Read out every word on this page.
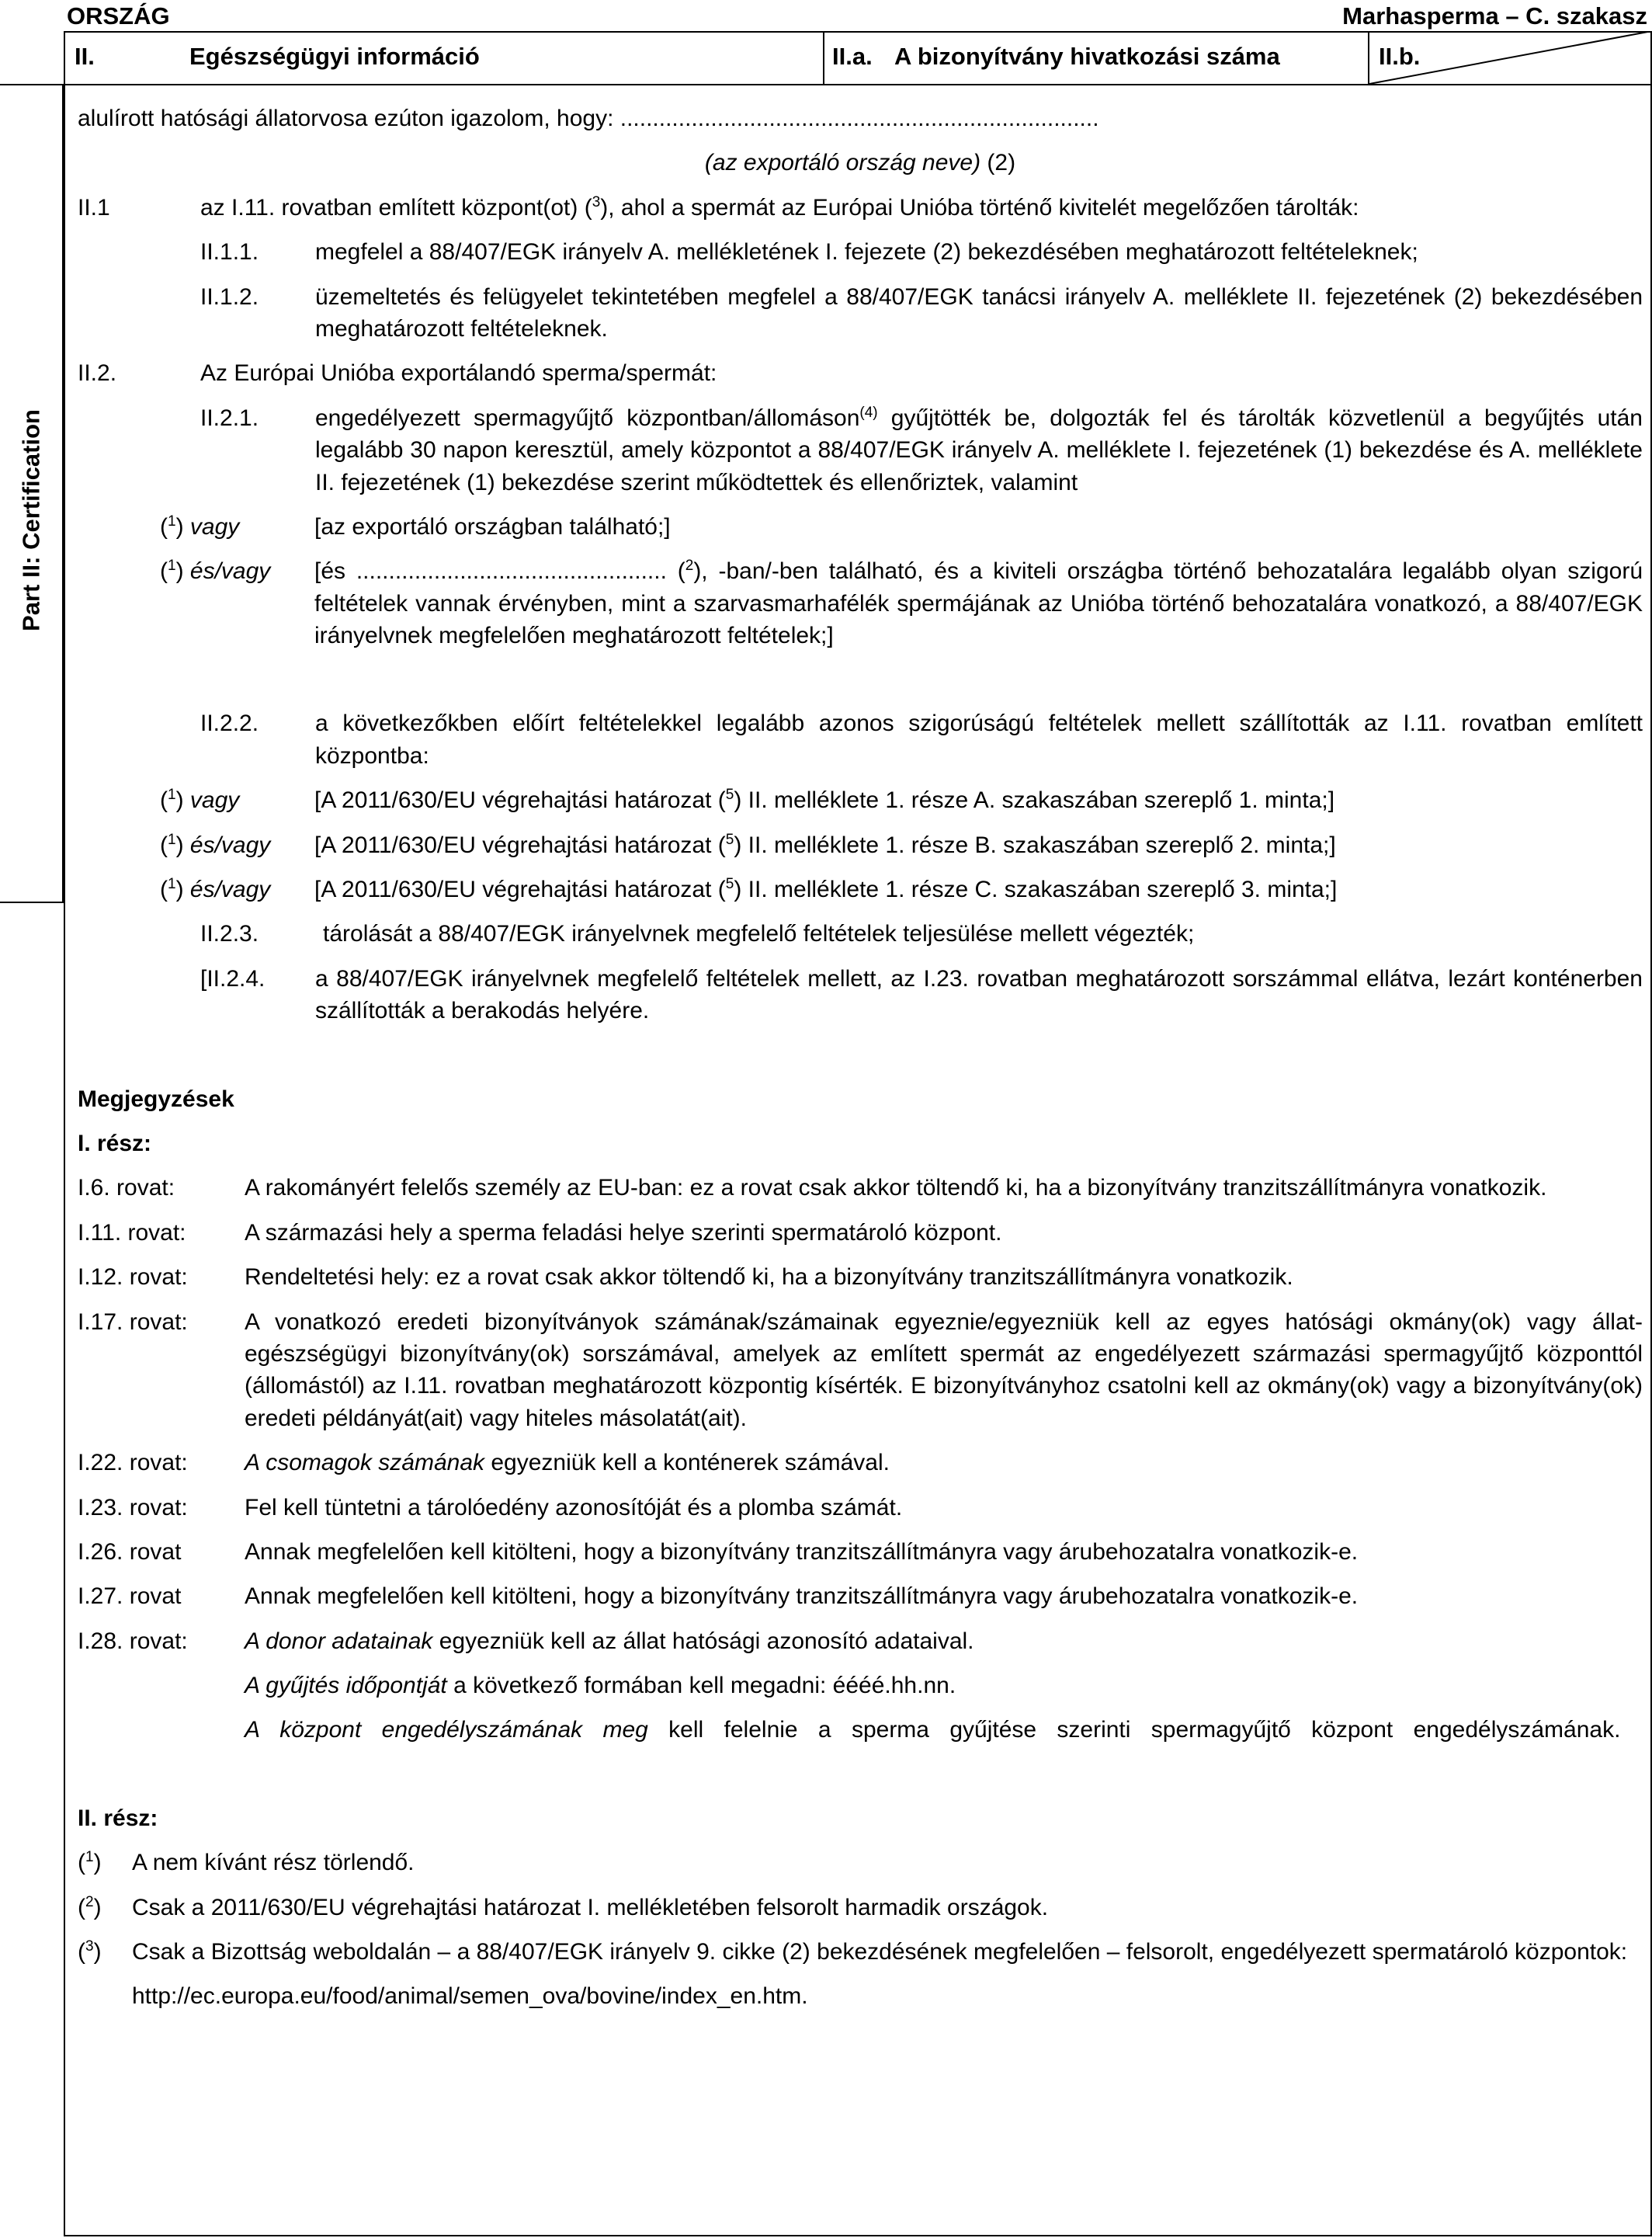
ORSZÁG	Marhasperma – C. szakasz
II.	Egészségügyi információ	II.a. A bizonyítvány hivatkozási száma	II.b.
Part II: Certification
alulírott hatósági állatorvosa ezúton igazolom, hogy: ..........................................................................
(az exportáló ország neve) (2)
II.1	az I.11. rovatban említett központ(ot) ($^3$), ahol a spermát az Európai Unióba történő kivitelét megelőzően tárolták:
II.1.1.	megfelel a 88/407/EGK irányelv A. mellékletének I. fejezete (2) bekezdésében meghatározott feltételeknek;
II.1.2.	üzemeltetés és felügyelet tekintetében megfelel a 88/407/EGK tanácsi irányelv A. melléklete II. fejezetének (2) bekezdésében meghatározott feltételeknek.
II.2.	Az Európai Unióba exportálandó sperma/spermát:
II.2.1.	engedélyezett spermagyűjtő központban/állomáson$^{(4)}$ gyűjtötték be, dolgozták fel és tárolták közvetlenül a begyűjtés után legalább 30 napon keresztül, amely központot a 88/407/EGK irányelv A. melléklete I. fejezetének (1) bekezdése és A. melléklete II. fejezetének (1) bekezdése szerint működtettek és ellenőriztek, valamint
($^1$) vagy	[az exportáló országban található;]
($^1$) és/vagy	[és ................................................ ($^2$), -ban/-ben található, és a kiviteli országba történő behozatalára legalább olyan szigorú feltételek vannak érvényben, mint a szarvasmarhafélék spermájának az Unióba történő behozatalára vonatkozó, a 88/407/EGK irányelvnek megfelelően meghatározott feltételek;]
II.2.2.	a következőkben előírt feltételekkel legalább azonos szigorúságú feltételek mellett szállították az I.11. rovatban említett központba:
($^1$) vagy	[A 2011/630/EU végrehajtási határozat ($^5$) II. melléklete 1. része A. szakaszában szereplő 1. minta;]
($^1$) és/vagy	[A 2011/630/EU végrehajtási határozat ($^5$) II. melléklete 1. része B. szakaszában szereplő 2. minta;]
($^1$) és/vagy	[A 2011/630/EU végrehajtási határozat ($^5$) II. melléklete 1. része C. szakaszában szereplő 3. minta;]
II.2.3.	tárolását a 88/407/EGK irányelvnek megfelelő feltételek teljesülése mellett végezték;
[II.2.4.	a 88/407/EGK irányelvnek megfelelő feltételek mellett, az I.23. rovatban meghatározott sorszámmal ellátva, lezárt konténerben szállították a berakodás helyére.
Megjegyzések
I. rész:
I.6. rovat:	A rakományért felelős személy az EU-ban: ez a rovat csak akkor töltendő ki, ha a bizonyítvány tranzitszállítmányra vonatkozik.
I.11. rovat:	A származási hely a sperma feladási helye szerinti spermatároló központ.
I.12. rovat:	Rendeltetési hely: ez a rovat csak akkor töltendő ki, ha a bizonyítvány tranzitszállítmányra vonatkozik.
I.17. rovat:	A vonatkozó eredeti bizonyítványok számának/számainak egyeznie/egyezniük kell az egyes hatósági okmány(ok) vagy állat-egészségügyi bizonyítvány(ok) sorszámával, amelyek az említett spermát az engedélyezett származási spermagyűjtő központtól (állomástól) az I.11. rovatban meghatározott központig kísérték. E bizonyítványhoz csatolni kell az okmány(ok) vagy a bizonyítvány(ok) eredeti példányát(ait) vagy hiteles másolatát(ait).
I.22. rovat:	A csomagok számának egyezniük kell a konténerek számával.
I.23. rovat:	Fel kell tüntetni a tárolóedény azonosítóját és a plomba számát.
I.26. rovat	Annak megfelelően kell kitölteni, hogy a bizonyítvány tranzitszállítmányra vagy árubehozatalra vonatkozik-e.
I.27. rovat	Annak megfelelően kell kitölteni, hogy a bizonyítvány tranzitszállítmányra vagy árubehozatalra vonatkozik-e.
I.28. rovat:	A donor adatainak egyezniük kell az állat hatósági azonosító adataival.
A gyűjtés időpontját a következő formában kell megadni: éééé.hh.nn.
A központ engedélyszámának meg kell felelnie a sperma gyűjtése szerinti spermagyűjtő központ engedélyszámának.
II. rész:
($^1$)	A nem kívánt rész törlendő.
($^2$)	Csak a 2011/630/EU végrehajtási határozat I. mellékletében felsorolt harmadik országok.
($^3$)	Csak a Bizottság weboldalán – a 88/407/EGK irányelv 9. cikke (2) bekezdésének megfelelően – felsorolt, engedélyezett spermatároló központok:
http://ec.europa.eu/food/animal/semen_ova/bovine/index_en.htm.
